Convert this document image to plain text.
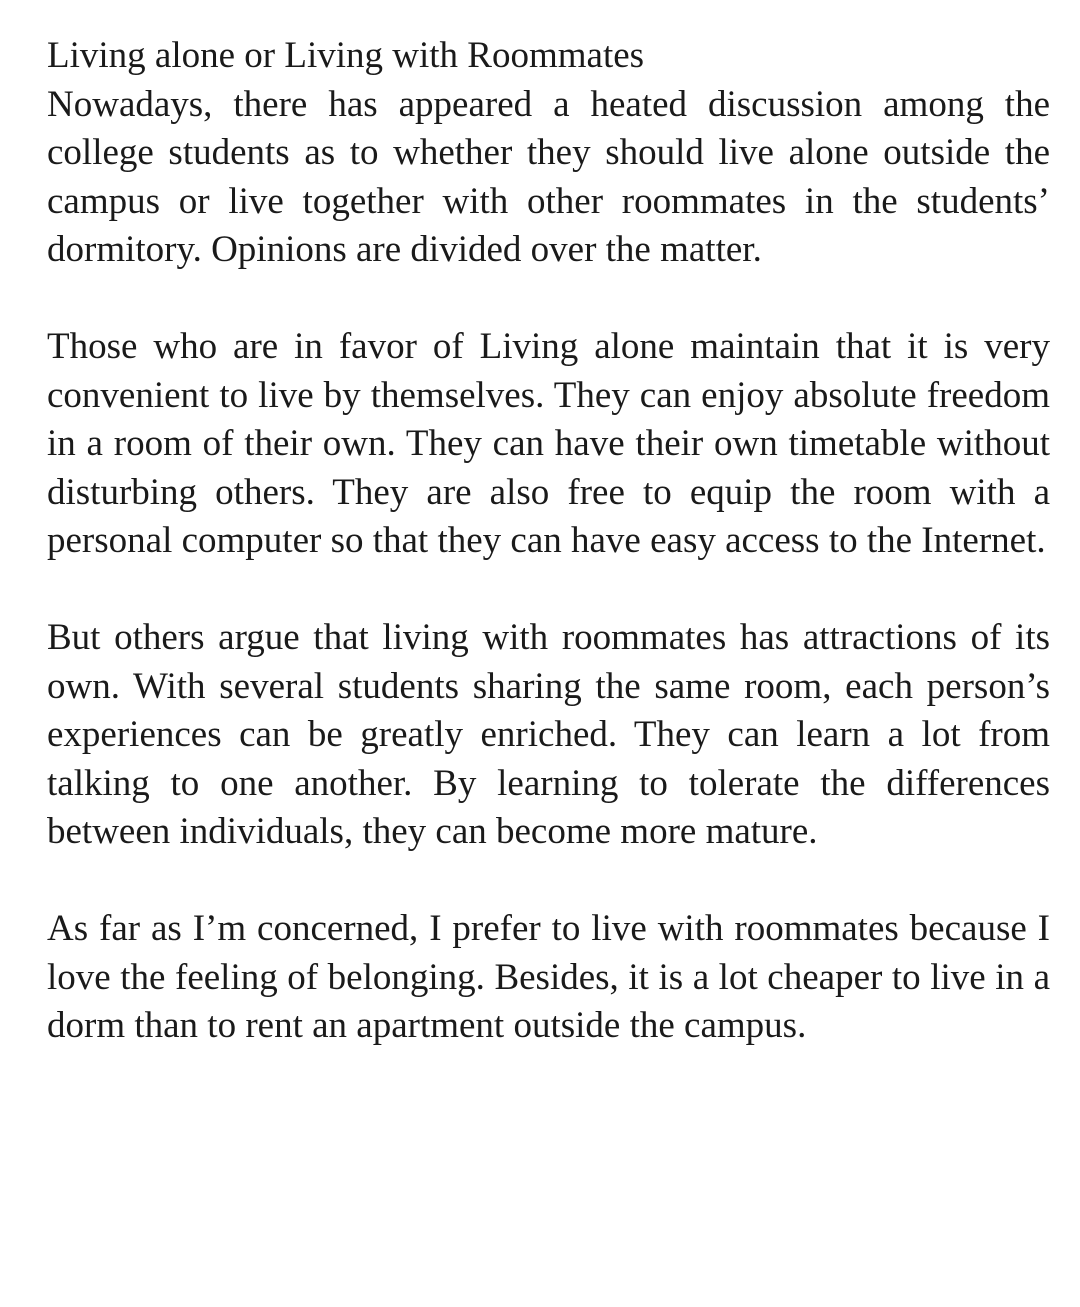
Living alone or Living with Roommates

Nowadays, there has appeared a heated discussion among the college students as to whether they should live alone outside the campus or live together with other roommates in the students’ dormitory. Opinions are divided over the matter.

Those who are in favor of Living alone maintain that it is very convenient to live by themselves. They can enjoy absolute freedom in a room of their own. They can have their own timetable without disturbing others. They are also free to equip the room with a personal computer so that they can have easy access to the Internet.

But others argue that living with roommates has attractions of its own. With several students sharing the same room, each person’s experiences can be greatly enriched. They can learn a lot from talking to one another. By learning to tolerate the differences between individuals, they can become more mature.

As far as I’m concerned, I prefer to live with roommates because I love the feeling of belonging. Besides, it is a lot cheaper to live in a dorm than to rent an apartment outside the campus.
